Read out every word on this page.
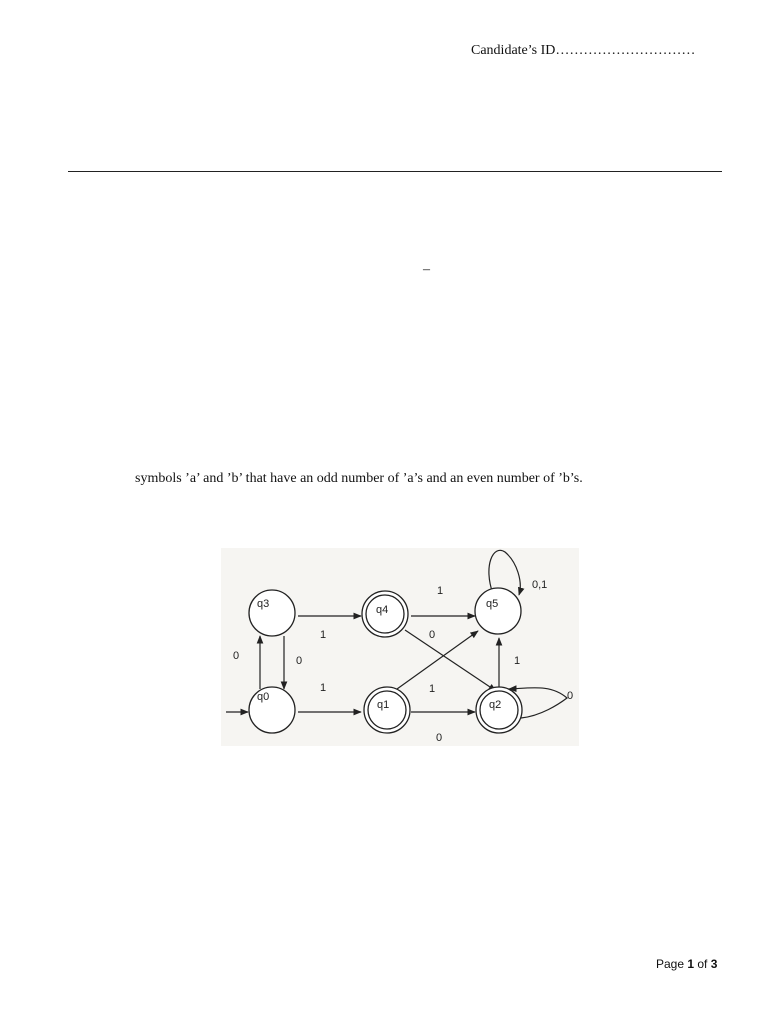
Candidate’s ID…………………………
–
symbols ’a’ and ’b’ that have an odd number of ’a’s and an even number of ’b’s.
q3
q0
q4
q1
q5
q2
0	0
1
1
1
0
1
0
1
0,1
0
Page 1 of 3
